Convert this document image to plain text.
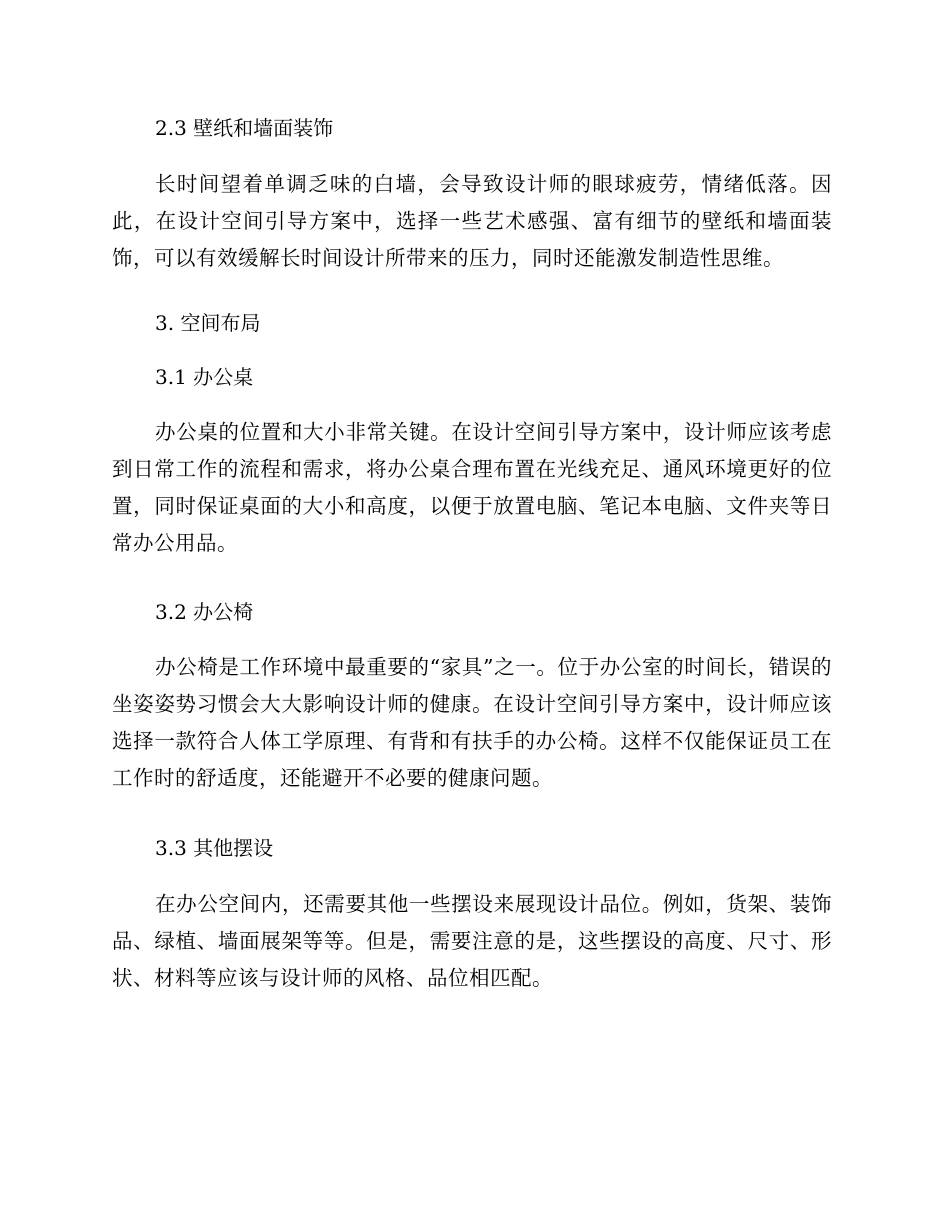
2.3 壁纸和墙面装饰

长时间望着单调乏味的白墙，会导致设计师的眼球疲劳，情绪低落。因此，在设计空间引导方案中，选择一些艺术感强、富有细节的壁纸和墙面装饰，可以有效缓解长时间设计所带来的压力，同时还能激发制造性思维。

3. 空间布局
3.1 办公桌

办公桌的位置和大小非常关键。在设计空间引导方案中，设计师应该考虑到日常工作的流程和需求，将办公桌合理布置在光线充足、通风环境更好的位置，同时保证桌面的大小和高度，以便于放置电脑、笔记本电脑、文件夹等日常办公用品。

3.2 办公椅

办公椅是工作环境中最重要的“家具”之一。位于办公室的时间长，错误的坐姿姿势习惯会大大影响设计师的健康。在设计空间引导方案中，设计师应该选择一款符合人体工学原理、有背和有扶手的办公椅。这样不仅能保证员工在工作时的舒适度，还能避开不必要的健康问题。

3.3 其他摆设

在办公空间内，还需要其他一些摆设来展现设计品位。例如，货架、装饰品、绿植、墙面展架等等。但是，需要注意的是，这些摆设的高度、尺寸、形状、材料等应该与设计师的风格、品位相匹配。
